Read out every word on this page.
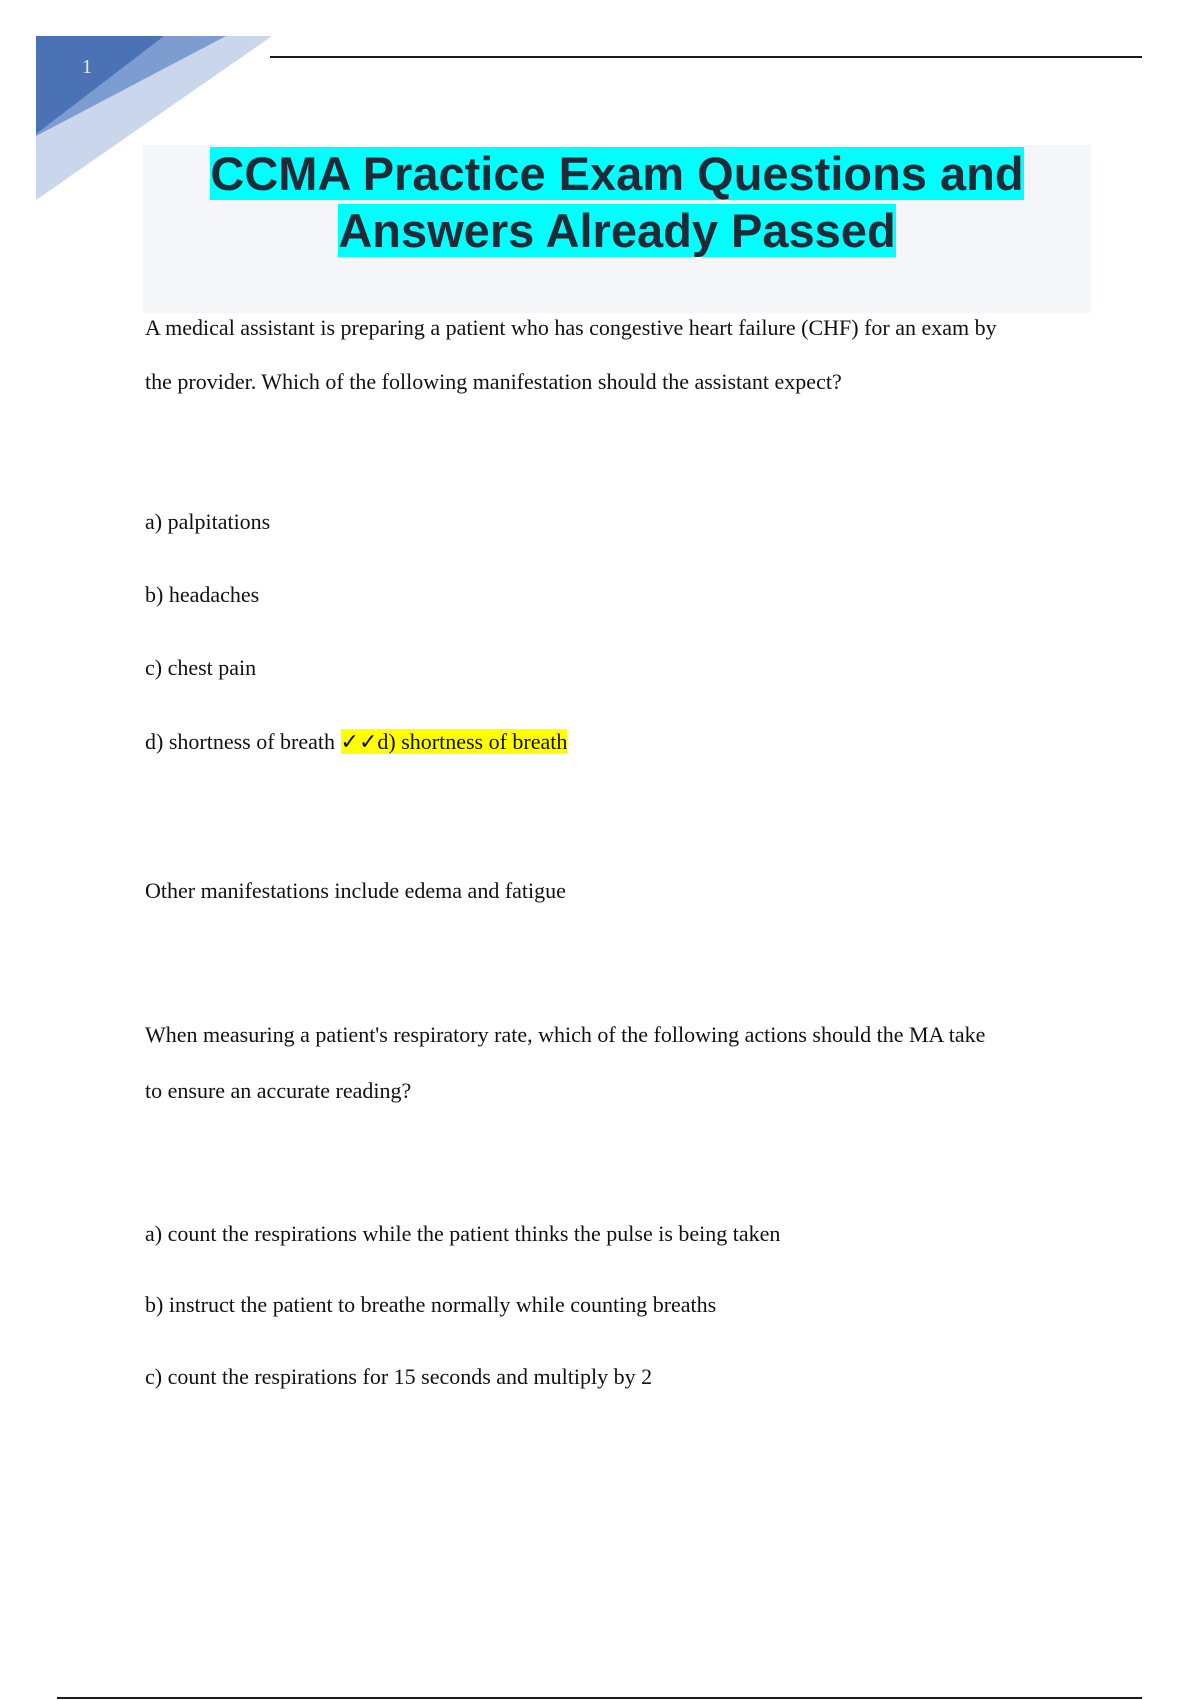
1
CCMA Practice Exam Questions and
Answers Already Passed
A medical assistant is preparing a patient who has congestive heart failure (CHF) for an exam by
the provider. Which of the following manifestation should the assistant expect?
a) palpitations
b) headaches
c) chest pain
d) shortness of breath ✓✓d) shortness of breath
Other manifestations include edema and fatigue
When measuring a patient's respiratory rate, which of the following actions should the MA take
to ensure an accurate reading?
a) count the respirations while the patient thinks the pulse is being taken
b) instruct the patient to breathe normally while counting breaths
c) count the respirations for 15 seconds and multiply by 2
